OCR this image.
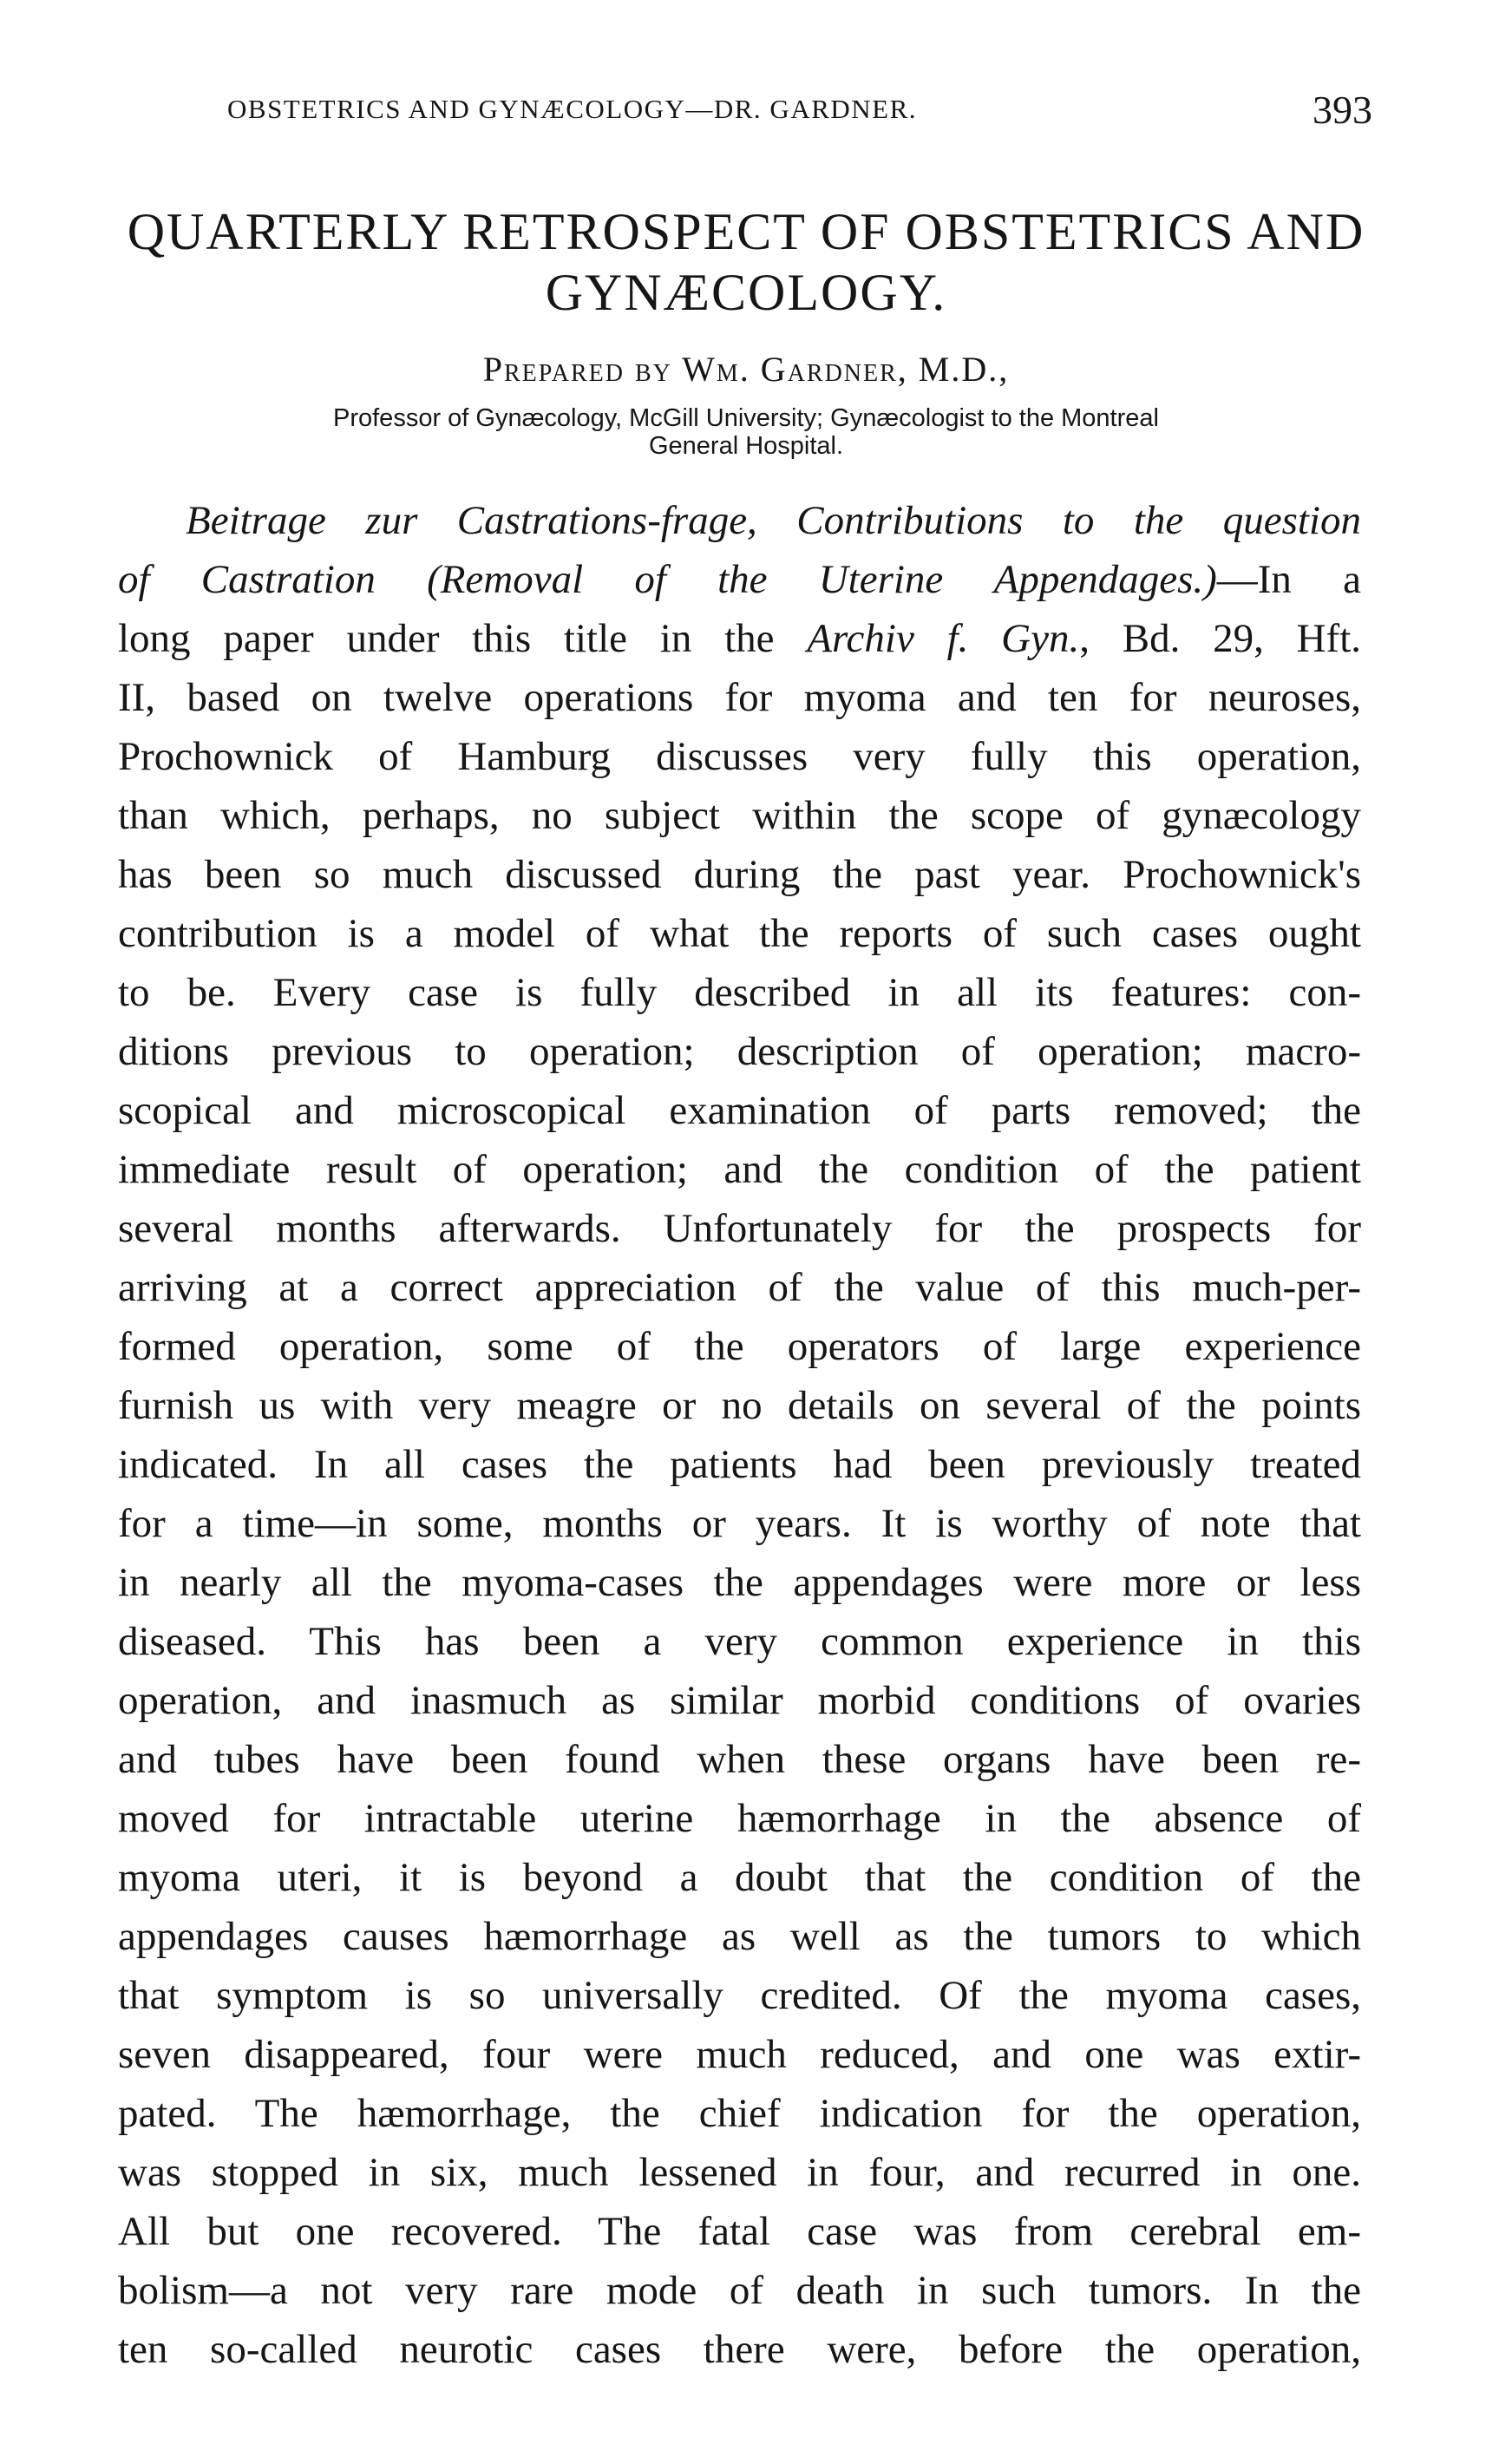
OBSTETRICS AND GYNÆCOLOGY—DR. GARDNER.	393
QUARTERLY RETROSPECT OF OBSTETRICS AND
GYNÆCOLOGY.
Prepared by Wm. Gardner, M.D.,
Professor of Gynæcology, McGill University; Gynæcologist to the Montreal
General Hospital.
Beitrage zur Castrations-frage, Contributions to the question
of Castration (Removal of the Uterine Appendages.)—In a
long paper under this title in the Archiv f. Gyn., Bd. 29, Hft.
II, based on twelve operations for myoma and ten for neuroses,
Prochownick of Hamburg discusses very fully this operation,
than which, perhaps, no subject within the scope of gynæcology
has been so much discussed during the past year. Prochownick's
contribution is a model of what the reports of such cases ought
to be. Every case is fully described in all its features: con-
ditions previous to operation; description of operation; macro-
scopical and microscopical examination of parts removed; the
immediate result of operation; and the condition of the patient
several months afterwards. Unfortunately for the prospects for
arriving at a correct appreciation of the value of this much-per-
formed operation, some of the operators of large experience
furnish us with very meagre or no details on several of the points
indicated. In all cases the patients had been previously treated
for a time—in some, months or years. It is worthy of note that
in nearly all the myoma-cases the appendages were more or less
diseased. This has been a very common experience in this
operation, and inasmuch as similar morbid conditions of ovaries
and tubes have been found when these organs have been re-
moved for intractable uterine hæmorrhage in the absence of
myoma uteri, it is beyond a doubt that the condition of the
appendages causes hæmorrhage as well as the tumors to which
that symptom is so universally credited. Of the myoma cases,
seven disappeared, four were much reduced, and one was extir-
pated. The hæmorrhage, the chief indication for the operation,
was stopped in six, much lessened in four, and recurred in one.
All but one recovered. The fatal case was from cerebral em-
bolism—a not very rare mode of death in such tumors. In the
ten so-called neurotic cases there were, before the operation,
